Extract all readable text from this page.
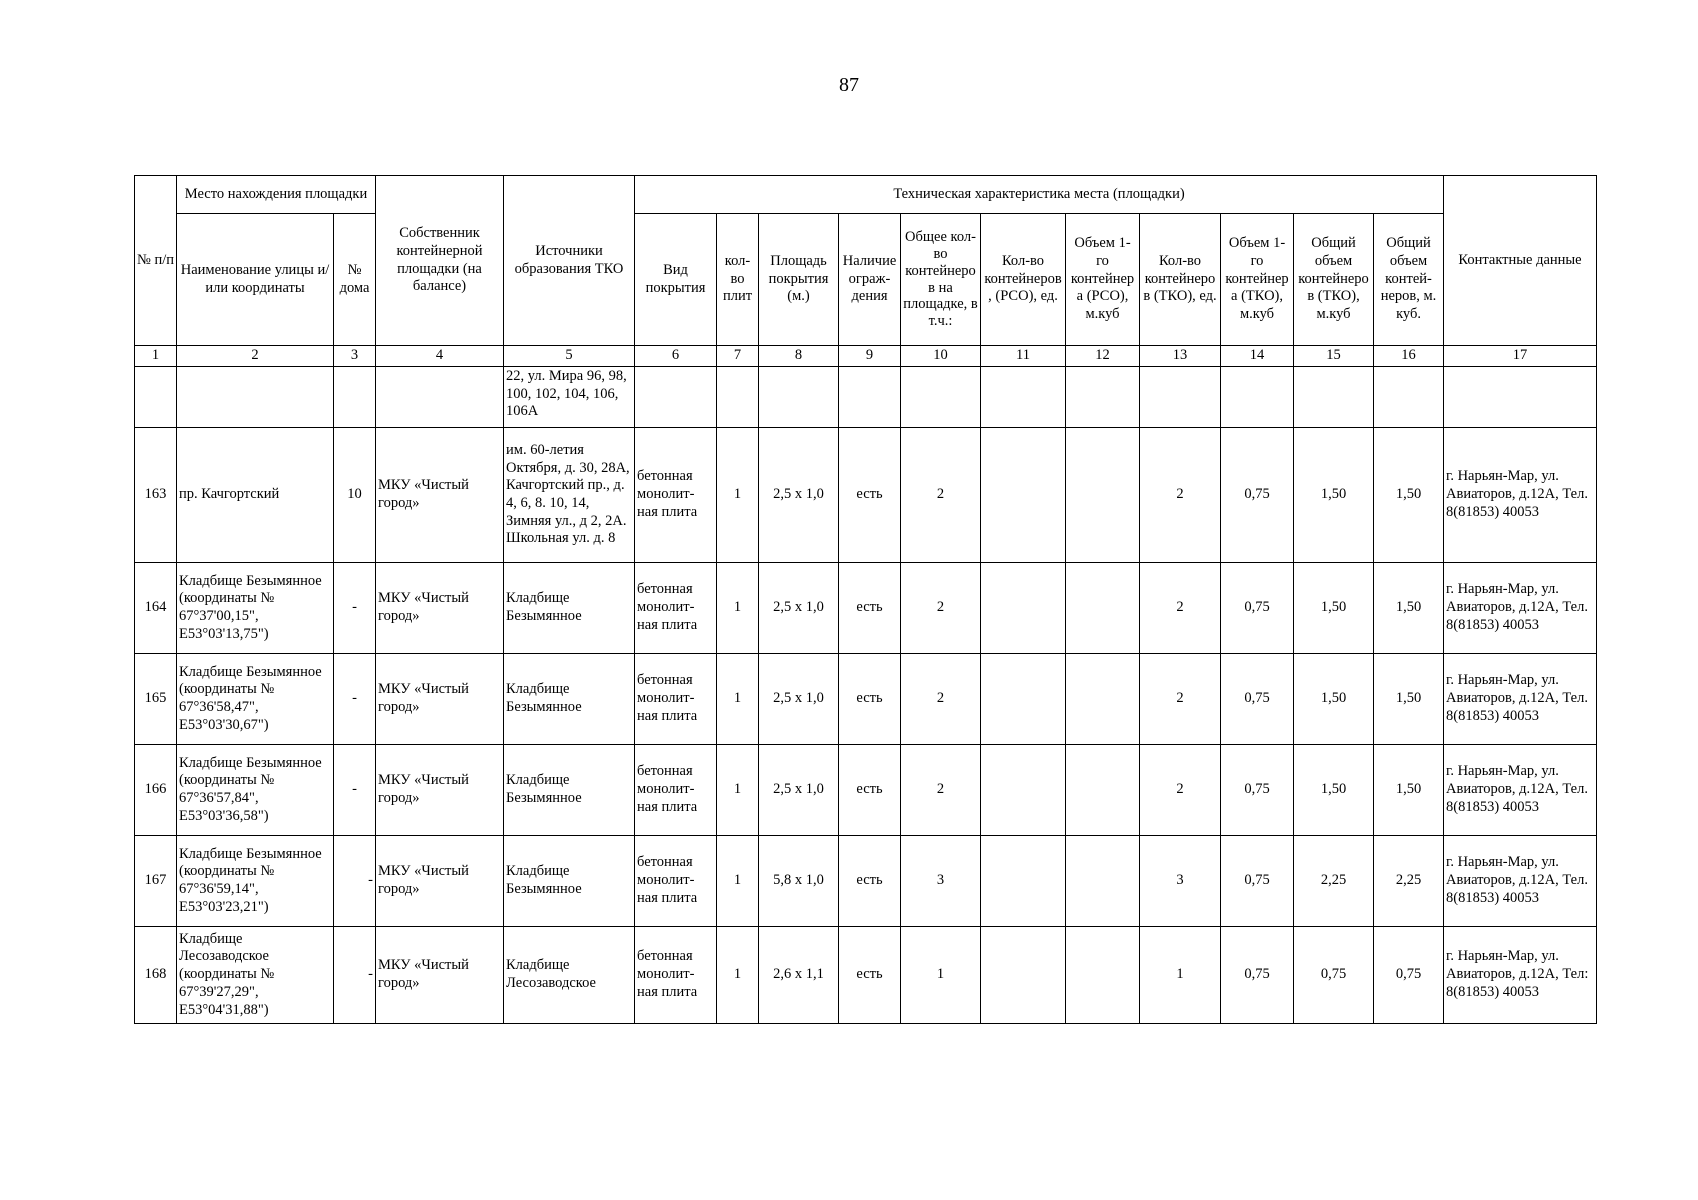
87
№ п/п	Место нахождения площадки		Собственник контейнерной площадки (на балансе)	Источники образования ТКО	Техническая характеристика места (площадки)											Контактные данные
	Наименование улицы и/или координаты	№ дома			Вид покрытия	кол-во плит	Площадь покрытия (м.)	Наличие ограж-дения	Общее кол-во контейнеров на площадке, в т.ч.:	Кол-во контейнеров, (РСО), ед.	Объем 1-го контейнера (РСО), м.куб	Кол-во контейнеров (ТКО), ед.	Объем 1-го контейнера (ТКО), м.куб	Общий объем контейнеров (ТКО), м.куб	Общий объем контей-неров, м. куб.	
1	2	3	4	5	6	7	8	9	10	11	12	13	14	15	16	17
				22, ул. Мира 96, 98, 100, 102, 104, 106, 106А												
163	пр. Качгортский	10	МКУ «Чистый город»	им. 60-летия Октября, д. 30, 28А, Качгортский пр., д. 4, 6, 8. 10, 14, Зимняя ул., д 2, 2А. Школьная ул. д. 8	бетонная монолит-ная плита	1	2,5 х 1,0	есть	2			2	0,75	1,50	1,50	г. Нарьян-Мар, ул. Авиаторов, д.12А, Тел. 8(81853) 40053
164	Кладбище Безымянное (координаты № 67°37'00,15", E53°03'13,75")	-	МКУ «Чистый город»	Кладбище Безымянное	бетонная монолит-ная плита	1	2,5 х 1,0	есть	2			2	0,75	1,50	1,50	г. Нарьян-Мар, ул. Авиаторов, д.12А, Тел. 8(81853) 40053
165	Кладбище Безымянное (координаты № 67°36'58,47", E53°03'30,67")	-	МКУ «Чистый город»	Кладбище Безымянное	бетонная монолит-ная плита	1	2,5 х 1,0	есть	2			2	0,75	1,50	1,50	г. Нарьян-Мар, ул. Авиаторов, д.12А, Тел. 8(81853) 40053
166	Кладбище Безымянное (координаты № 67°36'57,84", E53°03'36,58")	-	МКУ «Чистый город»	Кладбище Безымянное	бетонная монолит-ная плита	1	2,5 х 1,0	есть	2			2	0,75	1,50	1,50	г. Нарьян-Мар, ул. Авиаторов, д.12А, Тел. 8(81853) 40053
167	Кладбище Безымянное (координаты № 67°36'59,14", E53°03'23,21")	-	МКУ «Чистый город»	Кладбище Безымянное	бетонная монолит-ная плита	1	5,8 х 1,0	есть	3			3	0,75	2,25	2,25	г. Нарьян-Мар, ул. Авиаторов, д.12А, Тел. 8(81853) 40053
168	Кладбище Лесозаводское (координаты № 67°39'27,29", E53°04'31,88")	-	МКУ «Чистый город»	Кладбище Лесозаводское	бетонная монолит-ная плита	1	2,6 х 1,1	есть	1			1	0,75	0,75	0,75	г. Нарьян-Мар, ул. Авиаторов, д.12А, Тел: 8(81853) 40053
